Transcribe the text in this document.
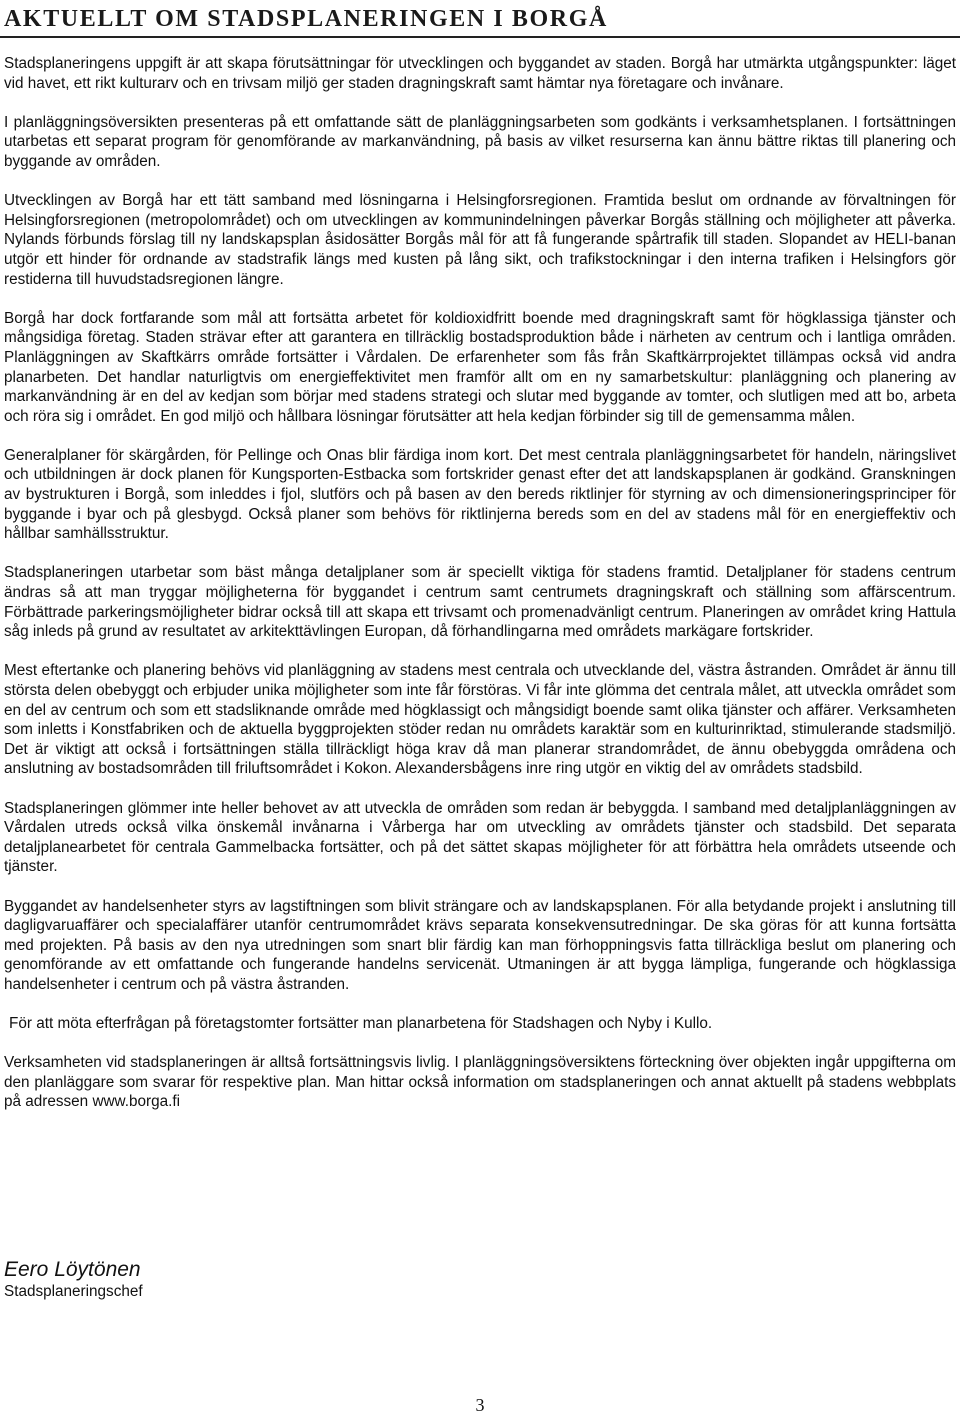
AKTUELLT OM STADSPLANERINGEN I BORGÅ

Stadsplaneringens uppgift är att skapa förutsättningar för utvecklingen och byggandet av staden. Borgå har utmärkta utgångspunkter: läget vid havet, ett rikt kulturarv och en trivsam miljö ger staden dragningskraft samt hämtar nya företagare och invånare.

I planläggningsöversikten presenteras på ett omfattande sätt de planläggningsarbeten som godkänts i verksamhetsplanen. I fortsättningen utarbetas ett separat program för genomförande av markanvändning, på basis av vilket resurserna kan ännu bättre riktas till planering och byggande av områden.

Utvecklingen av Borgå har ett tätt samband med lösningarna i Helsingforsregionen. Framtida beslut om ordnande av förvaltningen för Helsingforsregionen (metropolområdet) och om utvecklingen av kommunindelningen påverkar Borgås ställning och möjligheter att påverka. Nylands förbunds förslag till ny landskapsplan åsidosätter Borgås mål för att få fungerande spårtrafik till staden. Slopandet av HELI-banan utgör ett hinder för ordnande av stadstrafik längs med kusten på lång sikt, och trafikstockningar i den interna trafiken i Helsingfors gör restiderna till huvudstadsregionen längre.

Borgå har dock fortfarande som mål att fortsätta arbetet för koldioxidfritt boende med dragningskraft samt för högklassiga tjänster och mångsidiga företag. Staden strävar efter att garantera en tillräcklig bostadsproduktion både i närheten av centrum och i lantliga områden. Planläggningen av Skaftkärrs område fortsätter i Vårdalen. De erfarenheter som fås från Skaftkärrprojektet tillämpas också vid andra planarbeten. Det handlar naturligtvis om energieffektivitet men framför allt om en ny samarbetskultur: planläggning och planering av markanvändning är en del av kedjan som börjar med stadens strategi och slutar med byggande av tomter, och slutligen med att bo, arbeta och röra sig i området. En god miljö och hållbara lösningar förutsätter att hela kedjan förbinder sig till de gemensamma målen.

Generalplaner för skärgården, för Pellinge och Onas blir färdiga inom kort. Det mest centrala planläggningsarbetet för handeln, näringslivet och utbildningen är dock planen för Kungsporten-Estbacka som fortskrider genast efter det att landskapsplanen är godkänd. Granskningen av bystrukturen i Borgå, som inleddes i fjol, slutförs och på basen av den bereds riktlinjer för styrning av och dimensioneringsprinciper för byggande i byar och på glesbygd. Också planer som behövs för riktlinjerna bereds som en del av stadens mål för en energieffektiv och hållbar samhällsstruktur.

Stadsplaneringen utarbetar som bäst många detaljplaner som är speciellt viktiga för stadens framtid. Detaljplaner för stadens centrum ändras så att man tryggar möjligheterna för byggandet i centrum samt centrumets dragningskraft och ställning som affärscentrum. Förbättrade parkeringsmöjligheter bidrar också till att skapa ett trivsamt och promenadvänligt centrum. Planeringen av området kring Hattula såg inleds på grund av resultatet av arkitekttävlingen Europan, då förhandlingarna med områdets markägare fortskrider.

Mest eftertanke och planering behövs vid planläggning av stadens mest centrala och utvecklande del, västra åstranden. Området är ännu till största delen obebyggt och erbjuder unika möjligheter som inte får förstöras. Vi får inte glömma det centrala målet, att utveckla området som en del av centrum och som ett stadsliknande område med högklassigt och mångsidigt boende samt olika tjänster och affärer. Verksamheten som inletts i Konstfabriken och de aktuella byggprojekten stöder redan nu områdets karaktär som en kulturinriktad, stimulerande stadsmiljö. Det är viktigt att också i fortsättningen ställa tillräckligt höga krav då man planerar strandområdet, de ännu obebyggda områdena och anslutning av bostadsområden till friluftsområdet i Kokon. Alexandersbågens inre ring utgör en viktig del av områdets stadsbild.

Stadsplaneringen glömmer inte heller behovet av att utveckla de områden som redan är bebyggda. I samband med detaljplanläggningen av Vårdalen utreds också vilka önskemål invånarna i Vårberga har om utveckling av områdets tjänster och stadsbild. Det separata detaljplanearbetet för centrala Gammelbacka fortsätter, och på det sättet skapas möjligheter för att förbättra hela områdets utseende och tjänster.

Byggandet av handelsenheter styrs av lagstiftningen som blivit strängare och av landskapsplanen. För alla betydande projekt i anslutning till dagligvaruaffärer och specialaffärer utanför centrumområdet krävs separata konsekvensutredningar. De ska göras för att kunna fortsätta med projekten. På basis av den nya utredningen som snart blir färdig kan man förhoppningsvis fatta tillräckliga beslut om planering och genomförande av ett omfattande och fungerande handelns servicenät. Utmaningen är att bygga lämpliga, fungerande och högklassiga handelsenheter i centrum och på västra åstranden.

För att möta efterfrågan på företagstomter fortsätter man planarbetena för Stadshagen och Nyby i Kullo.

Verksamheten vid stadsplaneringen är alltså fortsättningsvis livlig. I planläggningsöversiktens förteckning över objekten ingår uppgifterna om den planläggare som svarar för respektive plan. Man hittar också information om stadsplaneringen och annat aktuellt på stadens webbplats på adressen www.borga.fi

Eero Löytönen
Stadsplaneringschef
3
